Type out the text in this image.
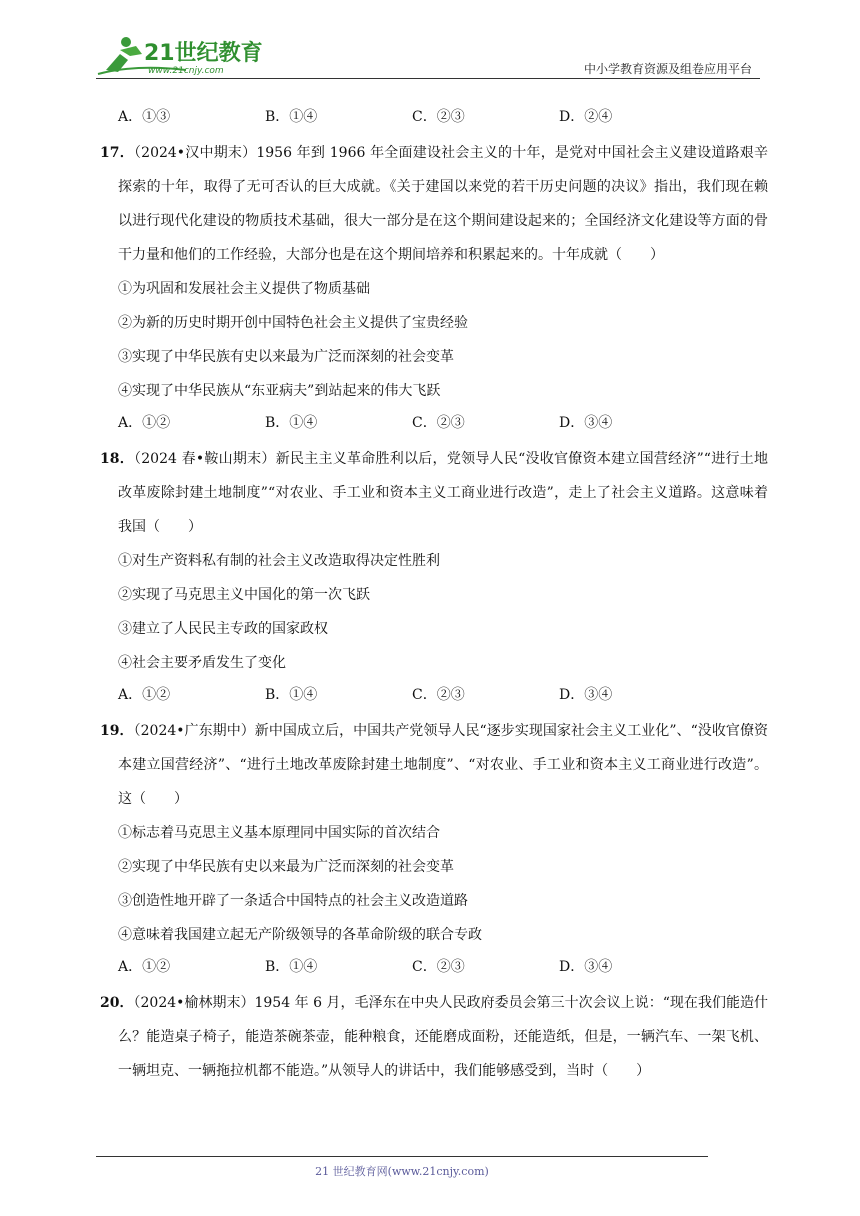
21世纪教育
www.21cnjy.com	中小学教育资源及组卷应用平台
A．①③	B．①④	C．②③	D．②④

17．（2024•汉中期末）1956 年到 1966 年全面建设社会主义的十年，是党对中国社会主义建设道路艰辛探索的十年，取得了无可否认的巨大成就。《关于建国以来党的若干历史问题的决议》指出，我们现在赖以进行现代化建设的物质技术基础，很大一部分是在这个期间建设起来的；全国经济文化建设等方面的骨干力量和他们的工作经验，大部分也是在这个期间培养和积累起来的。十年成就（　　）

①为巩固和发展社会主义提供了物质基础

②为新的历史时期开创中国特色社会主义提供了宝贵经验

③实现了中华民族有史以来最为广泛而深刻的社会变革

④实现了中华民族从“东亚病夫”到站起来的伟大飞跃

A．①②	B．①④	C．②③	D．③④

18．（2024 春•鞍山期末）新民主主义革命胜利以后，党领导人民“没收官僚资本建立国营经济”“进行土地改革废除封建土地制度”“对农业、手工业和资本主义工商业进行改造”，走上了社会主义道路。这意味着我国（　　）

①对生产资料私有制的社会主义改造取得决定性胜利

②实现了马克思主义中国化的第一次飞跃

③建立了人民民主专政的国家政权

④社会主要矛盾发生了变化

A．①②	B．①④	C．②③	D．③④

19．（2024•广东期中）新中国成立后，中国共产党领导人民“逐步实现国家社会主义工业化”、“没收官僚资本建立国营经济”、“进行土地改革废除封建土地制度”、“对农业、手工业和资本主义工商业进行改造”。这（　　）

①标志着马克思主义基本原理同中国实际的首次结合

②实现了中华民族有史以来最为广泛而深刻的社会变革

③创造性地开辟了一条适合中国特点的社会主义改造道路

④意味着我国建立起无产阶级领导的各革命阶级的联合专政

A．①②	B．①④	C．②③	D．③④

20．（2024•榆林期末）1954 年 6 月，毛泽东在中央人民政府委员会第三十次会议上说：“现在我们能造什么？能造桌子椅子，能造茶碗茶壶，能种粮食，还能磨成面粉，还能造纸，但是，一辆汽车、一架飞机、一辆坦克、一辆拖拉机都不能造。”从领导人的讲话中，我们能够感受到，当时（　　）

21 世纪教育网(www.21cnjy.com)
